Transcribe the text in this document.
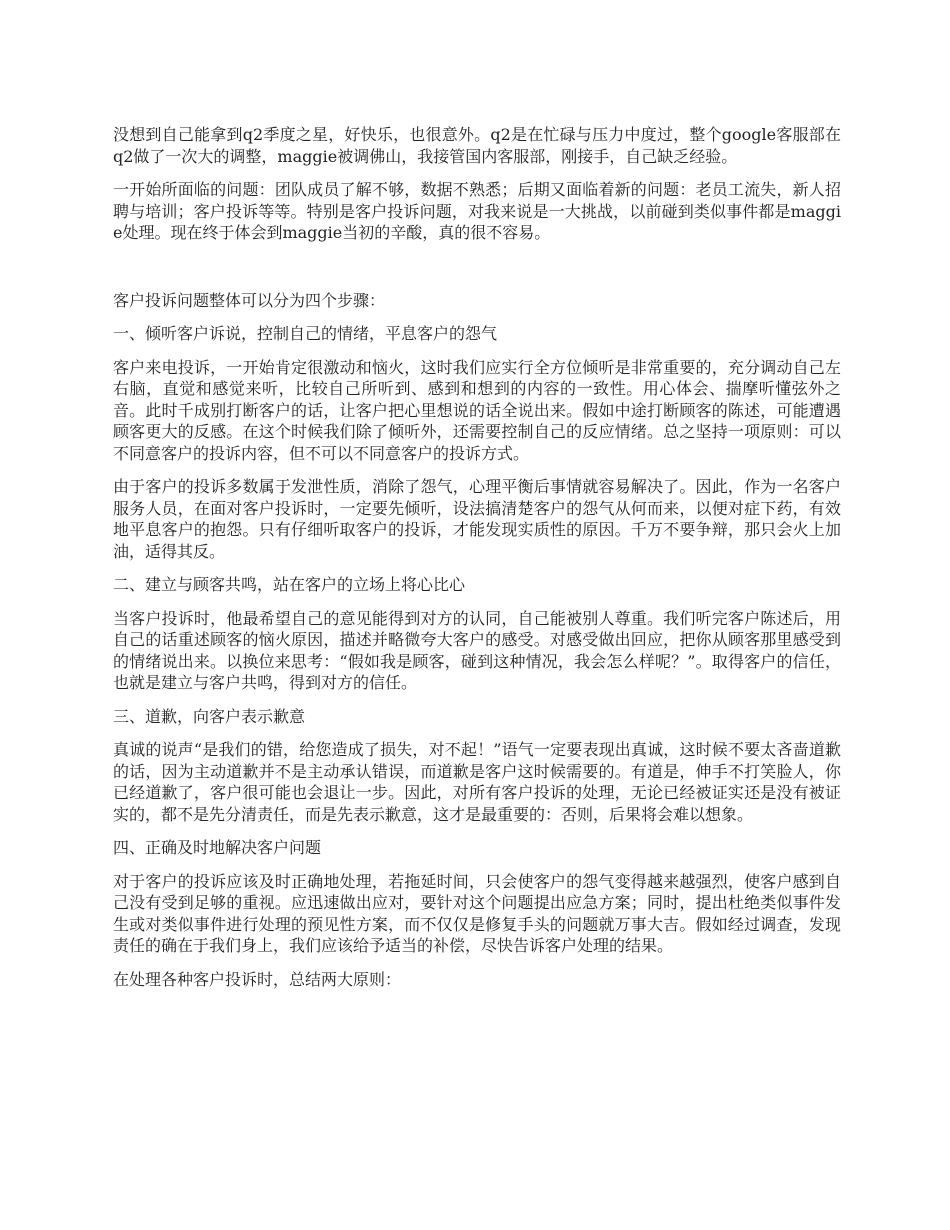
没想到自己能拿到q2季度之星，好快乐，也很意外。q2是在忙碌与压力中度过，整个google客服部在q2做了一次大的调整，maggie被调佛山，我接管国内客服部，刚接手，自己缺乏经验。

一开始所面临的问题：团队成员了解不够，数据不熟悉；后期又面临着新的问题：老员工流失，新人招聘与培训；客户投诉等等。特别是客户投诉问题，对我来说是一大挑战，以前碰到类似事件都是maggie处理。现在终于体会到maggie当初的辛酸，真的很不容易。

客户投诉问题整体可以分为四个步骤：

一、倾听客户诉说，控制自己的情绪，平息客户的怨气

客户来电投诉，一开始肯定很激动和恼火，这时我们应实行全方位倾听是非常重要的，充分调动自己左右脑，直觉和感觉来听，比较自己所听到、感到和想到的内容的一致性。用心体会、揣摩听懂弦外之音。此时千成别打断客户的话，让客户把心里想说的话全说出来。假如中途打断顾客的陈述，可能遭遇顾客更大的反感。在这个时候我们除了倾听外，还需要控制自己的反应情绪。总之坚持一项原则：可以不同意客户的投诉内容，但不可以不同意客户的投诉方式。

由于客户的投诉多数属于发泄性质，消除了怨气，心理平衡后事情就容易解决了。因此，作为一名客户服务人员，在面对客户投诉时，一定要先倾听，设法搞清楚客户的怨气从何而来，以便对症下药，有效地平息客户的抱怨。只有仔细听取客户的投诉，才能发现实质性的原因。千万不要争辩，那只会火上加油，适得其反。

二、建立与顾客共鸣，站在客户的立场上将心比心

当客户投诉时，他最希望自己的意见能得到对方的认同，自己能被别人尊重。我们听完客户陈述后，用自己的话重述顾客的恼火原因，描述并略微夸大客户的感受。对感受做出回应，把你从顾客那里感受到的情绪说出来。以换位来思考：“假如我是顾客，碰到这种情况，我会怎么样呢？”。取得客户的信任，也就是建立与客户共鸣，得到对方的信任。

三、道歉，向客户表示歉意

真诚的说声“是我们的错，给您造成了损失，对不起！”语气一定要表现出真诚，这时候不要太吝啬道歉的话，因为主动道歉并不是主动承认错误，而道歉是客户这时候需要的。有道是，伸手不打笑脸人，你已经道歉了，客户很可能也会退让一步。因此，对所有客户投诉的处理，无论已经被证实还是没有被证实的，都不是先分清责任，而是先表示歉意，这才是最重要的：否则，后果将会难以想象。

四、正确及时地解决客户问题

对于客户的投诉应该及时正确地处理，若拖延时间，只会使客户的怨气变得越来越强烈，使客户感到自己没有受到足够的重视。应迅速做出应对，要针对这个问题提出应急方案；同时，提出杜绝类似事件发生或对类似事件进行处理的预见性方案，而不仅仅是修复手头的问题就万事大吉。假如经过调查，发现责任的确在于我们身上，我们应该给予适当的补偿，尽快告诉客户处理的结果。

在处理各种客户投诉时，总结两大原则：
